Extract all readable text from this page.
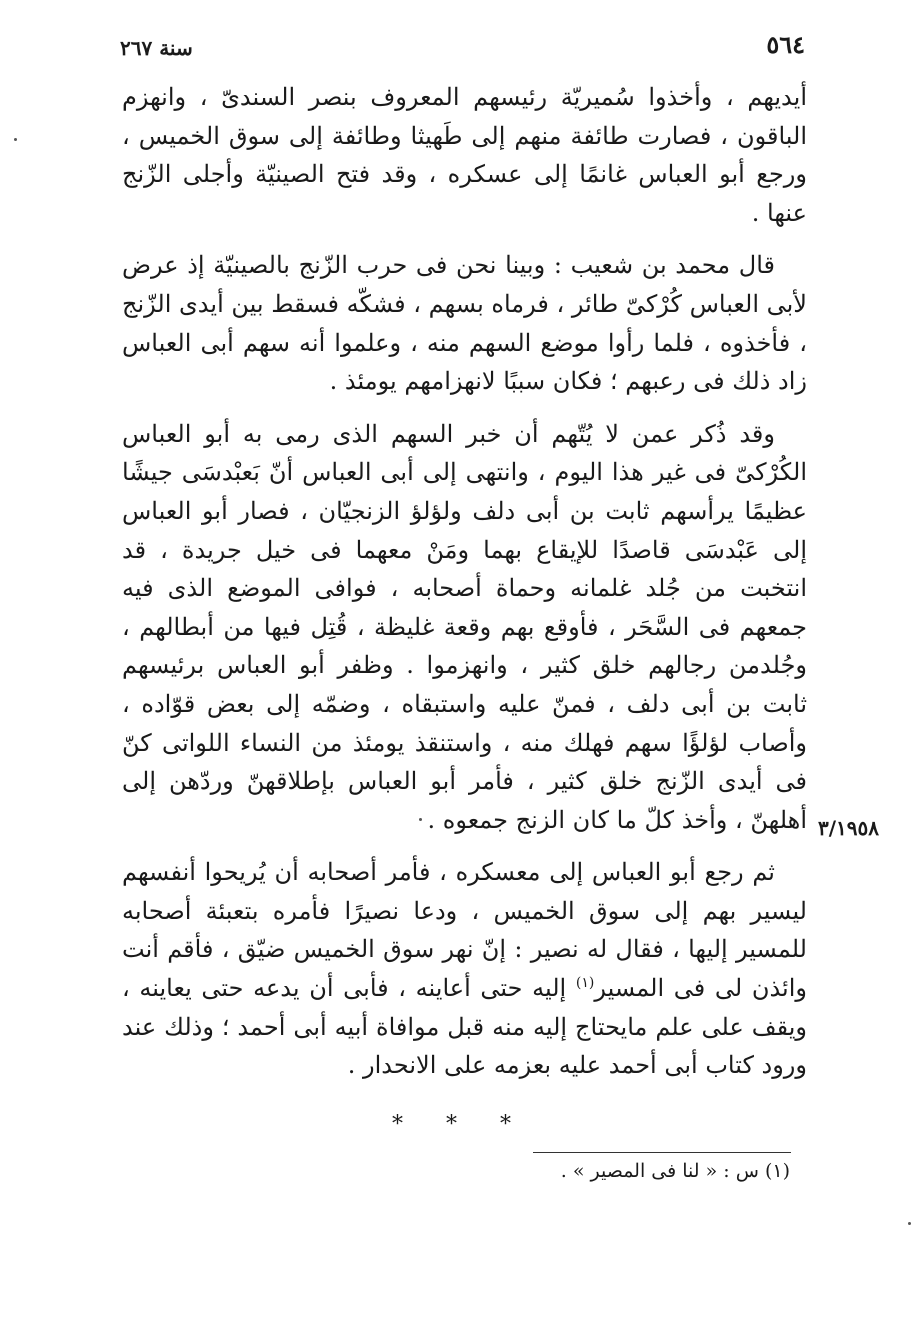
٥٦٤
سنة ٢٦٧

أيديهم ، وأخذوا سُميريّة رئيسهم المعروف بنصر السندىّ ، وانهزم الباقون ، فصارت طائفة منهم إلى طَهيثا وطائفة إلى سوق الخميس ، ورجع أبو العباس غانمًا إلى عسكره ، وقد فتح الصينيّة وأجلى الزّنج عنها .

قال محمد بن شعيب : وبينا نحن فى حرب الزّنج بالصينيّة إذ عرض لأبى العباس كُرْكىّ طائر ، فرماه بسهم ، فشكّه فسقط بين أيدى الزّنج ، فأخذوه ، فلما رأوا موضع السهم منه ، وعلموا أنه سهم أبى العباس زاد ذلك فى رعبهم ؛ فكان سببًا لانهزامهم يومئذ .

وقد ذُكر عمن لا يُتّهم أن خبر السهم الذى رمى به أبو العباس الكُرْكىّ فى غير هذا اليوم ، وانتهى إلى أبى العباس أنّ بَعبْدسَى جيشًا عظيمًا يرأسهم ثابت بن أبى دلف ولؤلؤ الزنجيّان ، فصار أبو العباس إلى عَبْدسَى قاصدًا للإيقاع بهما ومَنْ معهما فى خيل جريدة ، قد انتخبت من جُلد غلمانه وحماة أصحابه ، فوافى الموضع الذى فيه جمعهم فى السَّحَر ، فأوقع بهم وقعة غليظة ، قُتِل فيها من أبطالهم ، وجُلدمن رجالهم خلق كثير ، وانهزموا . وظفر أبو العباس برئيسهم ثابت بن أبى دلف ، فمنّ عليه واستبقاه ، وضمّه إلى بعض قوّاده ، وأصاب لؤلؤًا سهم فهلك منه ، واستنقذ يومئذ من النساء اللواتى كنّ فى أيدى الزّنج خلق كثير ، فأمر أبو العباس بإطلاقهنّ وردّهن إلى أهلهنّ ، وأخذ كلّ ما كان الزنج جمعوه .

ثم رجع أبو العباس إلى معسكره ، فأمر أصحابه أن يُريحوا أنفسهم ليسير بهم إلى سوق الخميس ، ودعا نصيرًا فأمره بتعبئة أصحابه للمسير إليها ، فقال له نصير : إنّ نهر سوق الخميس ضيّق ، فأقم أنت وائذن لى فى المسير$^{(١)}$ إليه حتى أعاينه ، فأبى أن يدعه حتى يعاينه ، ويقف على علم مايحتاج إليه منه قبل موافاة أبيه أبى أحمد ؛ وذلك عند ورود كتاب أبى أحمد عليه بعزمه على الانحدار .

٣/١٩٥٨
* * *
(١) س : « لنا فى المصير » .
